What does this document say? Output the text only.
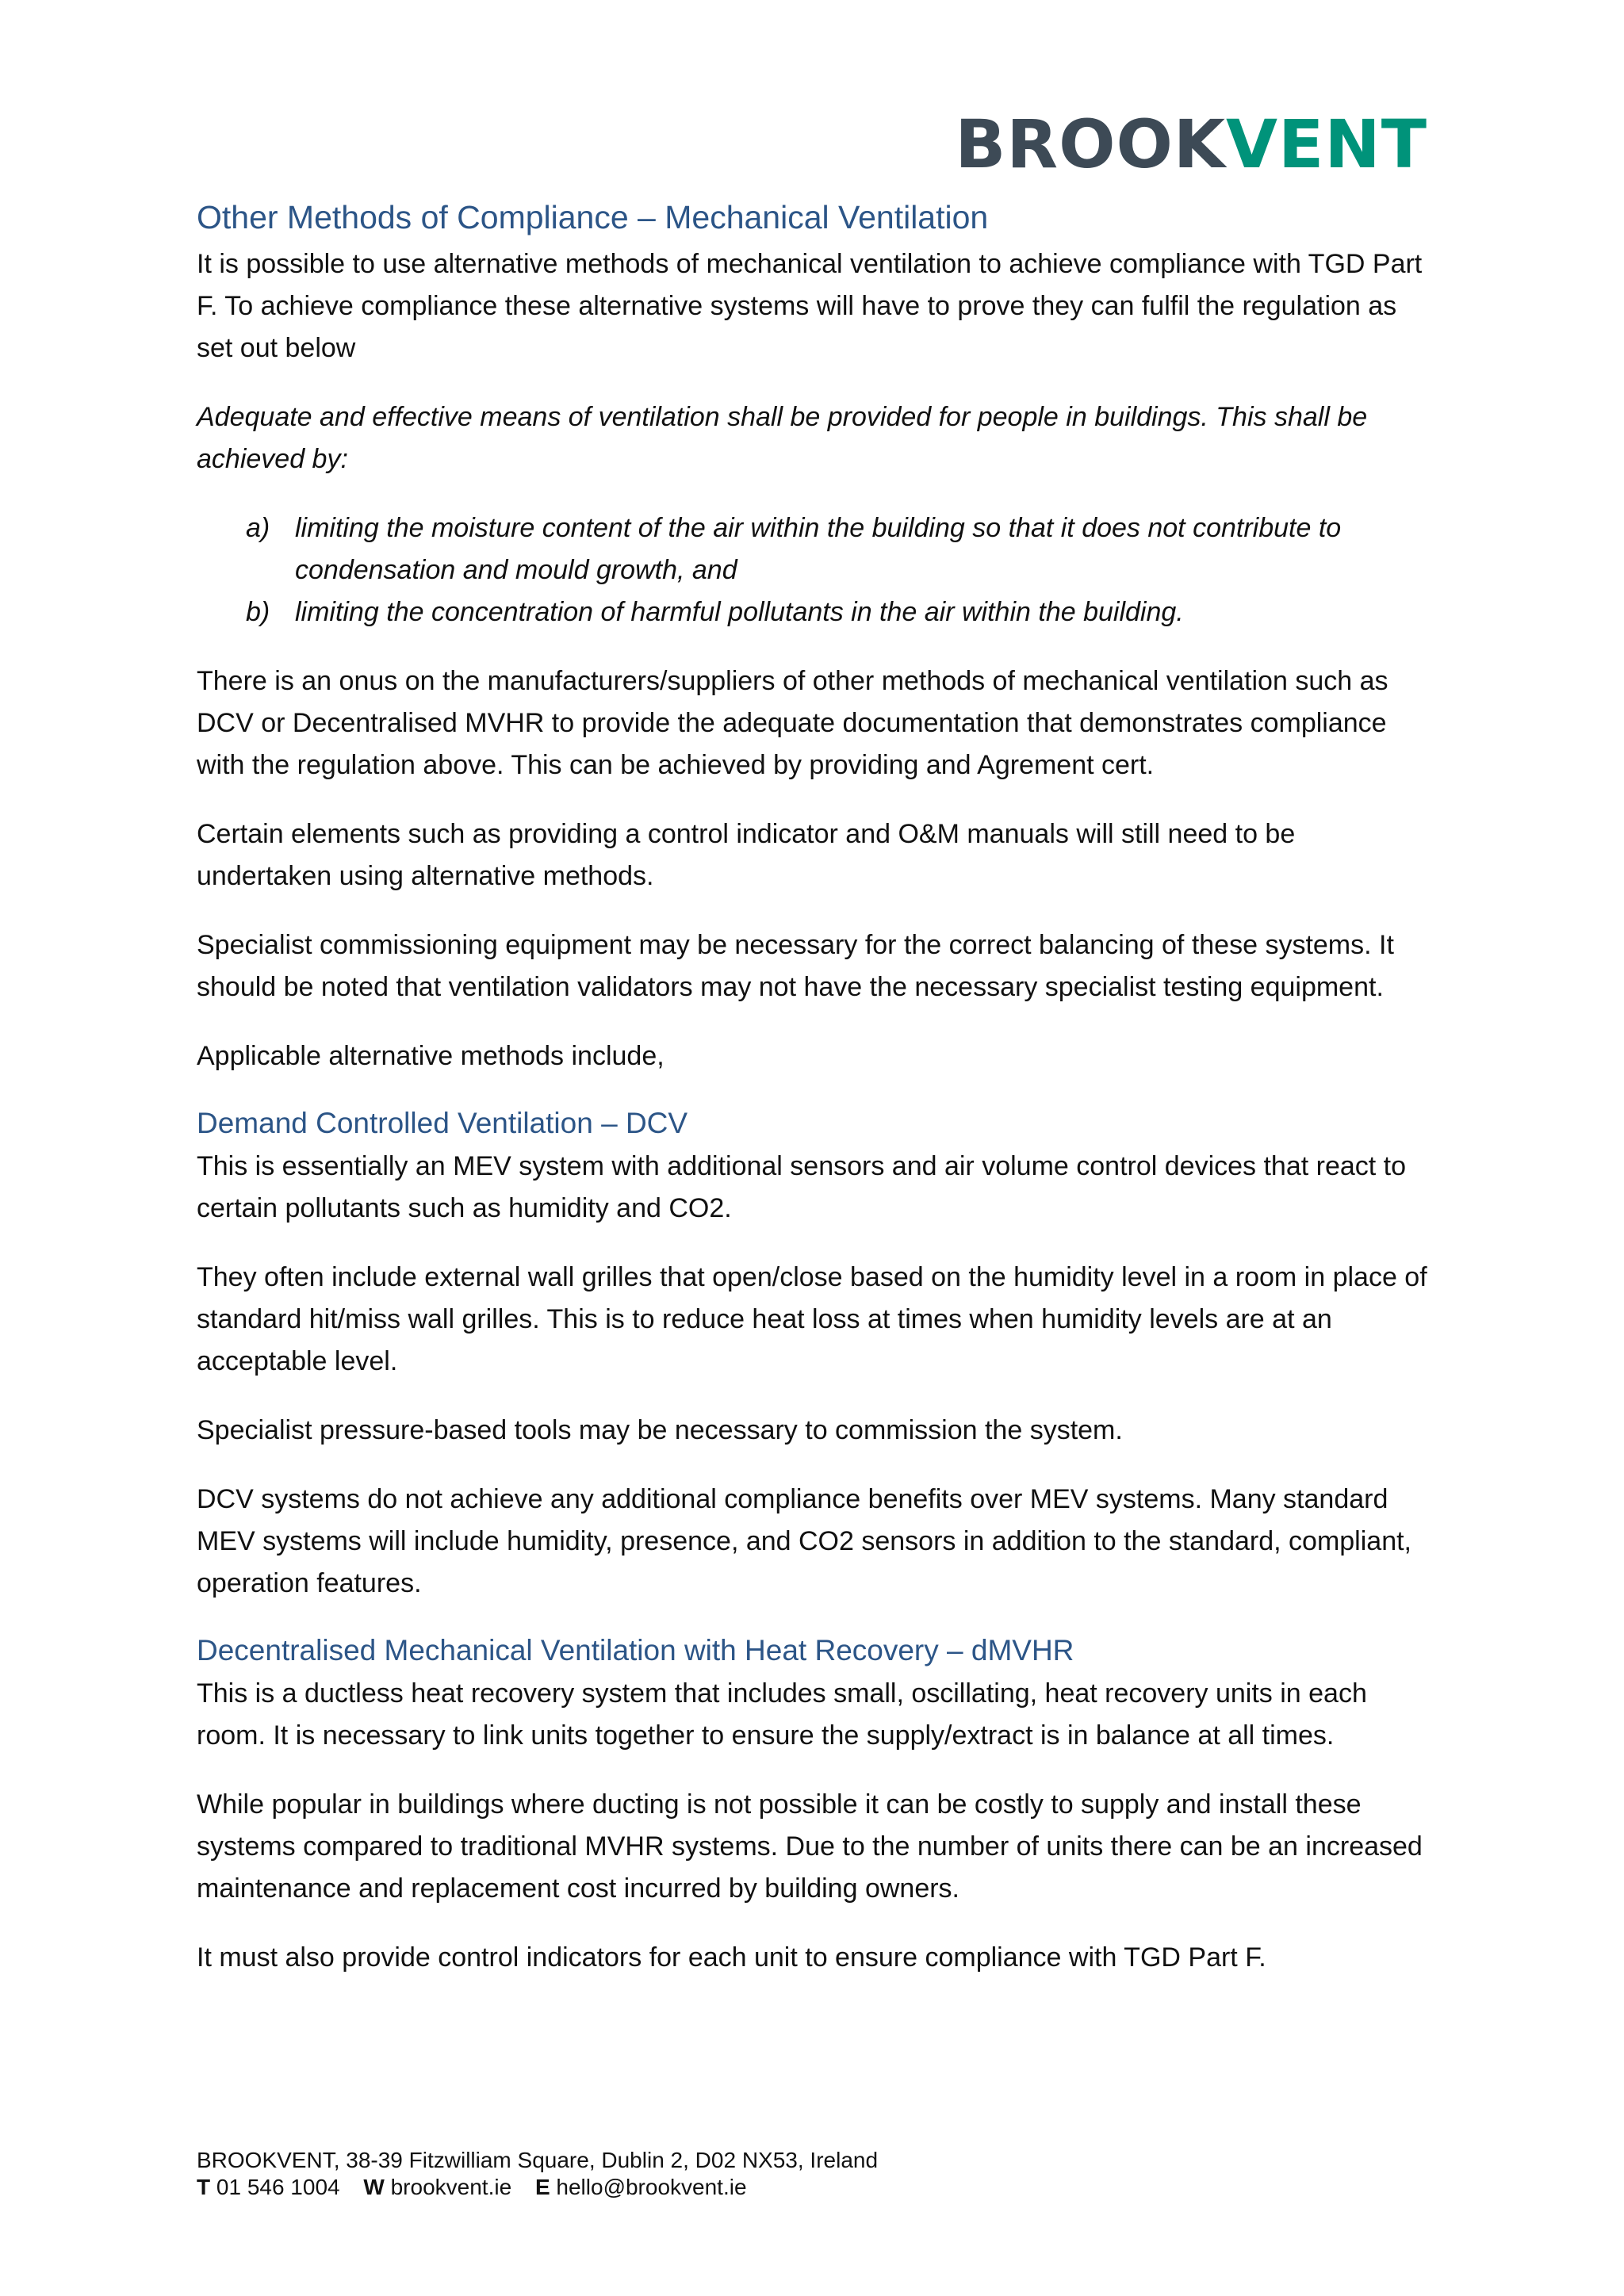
BROOKVENT
Other Methods of Compliance – Mechanical Ventilation

It is possible to use alternative methods of mechanical ventilation to achieve compliance with TGD Part F. To achieve compliance these alternative systems will have to prove they can fulfil the regulation as set out below

Adequate and effective means of ventilation shall be provided for people in buildings. This shall be achieved by:

a) limiting the moisture content of the air within the building so that it does not contribute to condensation and mould growth, and
b) limiting the concentration of harmful pollutants in the air within the building.

There is an onus on the manufacturers/suppliers of other methods of mechanical ventilation such as DCV or Decentralised MVHR to provide the adequate documentation that demonstrates compliance with the regulation above. This can be achieved by providing and Agrement cert.

Certain elements such as providing a control indicator and O&M manuals will still need to be undertaken using alternative methods.

Specialist commissioning equipment may be necessary for the correct balancing of these systems. It should be noted that ventilation validators may not have the necessary specialist testing equipment.

Applicable alternative methods include,

Demand Controlled Ventilation – DCV

This is essentially an MEV system with additional sensors and air volume control devices that react to certain pollutants such as humidity and CO2.

They often include external wall grilles that open/close based on the humidity level in a room in place of standard hit/miss wall grilles. This is to reduce heat loss at times when humidity levels are at an acceptable level.

Specialist pressure-based tools may be necessary to commission the system.

DCV systems do not achieve any additional compliance benefits over MEV systems. Many standard MEV systems will include humidity, presence, and CO2 sensors in addition to the standard, compliant, operation features.

Decentralised Mechanical Ventilation with Heat Recovery – dMVHR

This is a ductless heat recovery system that includes small, oscillating, heat recovery units in each room. It is necessary to link units together to ensure the supply/extract is in balance at all times.

While popular in buildings where ducting is not possible it can be costly to supply and install these systems compared to traditional MVHR systems. Due to the number of units there can be an increased maintenance and replacement cost incurred by building owners.

It must also provide control indicators for each unit to ensure compliance with TGD Part F.

BROOKVENT, 38-39 Fitzwilliam Square, Dublin 2, D02 NX53, Ireland
T 01 546 1004 W brookvent.ie E hello@brookvent.ie
